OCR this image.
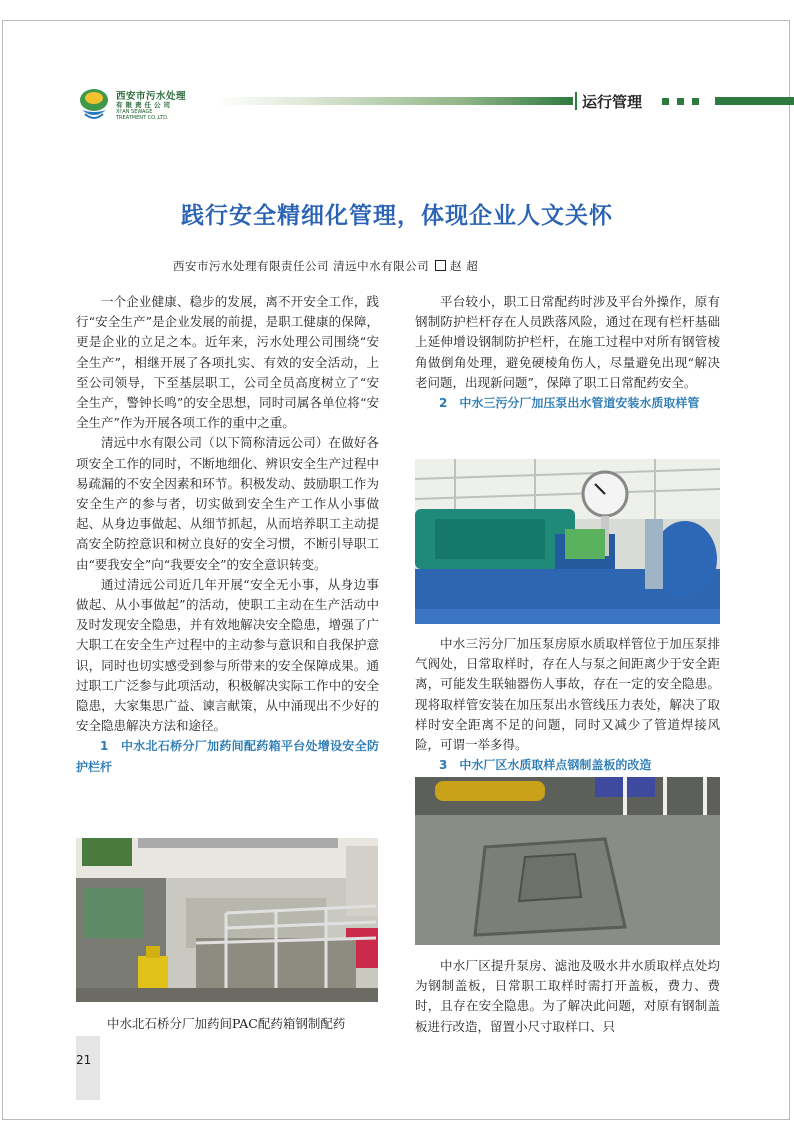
西安市污水处理
有限责任公司
XI'AN SEWAGE
TREATMENT CO.,LTD.
运行管理
践行安全精细化管理，体现企业人文关怀
西安市污水处理有限责任公司 清远中水有限公司 赵 超

一个企业健康、稳步的发展，离不开安全工作，践行“安全生产”是企业发展的前提，是职工健康的保障，更是企业的立足之本。近年来，污水处理公司围绕“安全生产”，相继开展了各项扎实、有效的安全活动，上至公司领导，下至基层职工，公司全员高度树立了“安全生产，警钟长鸣”的安全思想，同时司属各单位将“安全生产”作为开展各项工作的重中之重。

清远中水有限公司（以下简称清远公司）在做好各项安全工作的同时，不断地细化、辨识安全生产过程中易疏漏的不安全因素和环节。积极发动、鼓励职工作为安全生产的参与者，切实做到安全生产工作从小事做起、从身边事做起、从细节抓起，从而培养职工主动提高安全防控意识和树立良好的安全习惯，不断引导职工由“要我安全”向“我要安全”的安全意识转变。

通过清远公司近几年开展“安全无小事，从身边事做起、从小事做起”的活动，使职工主动在生产活动中及时发现安全隐患，并有效地解决安全隐患，增强了广大职工在安全生产过程中的主动参与意识和自我保护意识，同时也切实感受到参与所带来的安全保障成果。通过职工广泛参与此项活动，积极解决实际工作中的安全隐患，大家集思广益、谏言献策，从中涌现出不少好的安全隐患解决方法和途径。

1　中水北石桥分厂加药间配药箱平台处增设安全防护栏杆
中水北石桥分厂加药间PAC配药箱钢制配药

平台较小，职工日常配药时涉及平台外操作，原有钢制防护栏杆存在人员跌落风险，通过在现有栏杆基础上延伸增设钢制防护栏杆，在施工过程中对所有钢管棱角做倒角处理，避免硬棱角伤人，尽量避免出现“解决老问题，出现新问题”，保障了职工日常配药安全。

2　中水三污分厂加压泵出水管道安装水质取样管

中水三污分厂加压泵房原水质取样管位于加压泵排气阀处，日常取样时，存在人与泵之间距离少于安全距离，可能发生联轴器伤人事故，存在一定的安全隐患。现将取样管安装在加压泵出水管线压力表处，解决了取样时安全距离不足的问题，同时又减少了管道焊接风险，可谓一举多得。

3　中水厂区水质取样点钢制盖板的改造

中水厂区提升泵房、滤池及吸水井水质取样点处均为钢制盖板，日常职工取样时需打开盖板，费力、费时，且存在安全隐患。为了解决此问题，对原有钢制盖板进行改造，留置小尺寸取样口、只

21
